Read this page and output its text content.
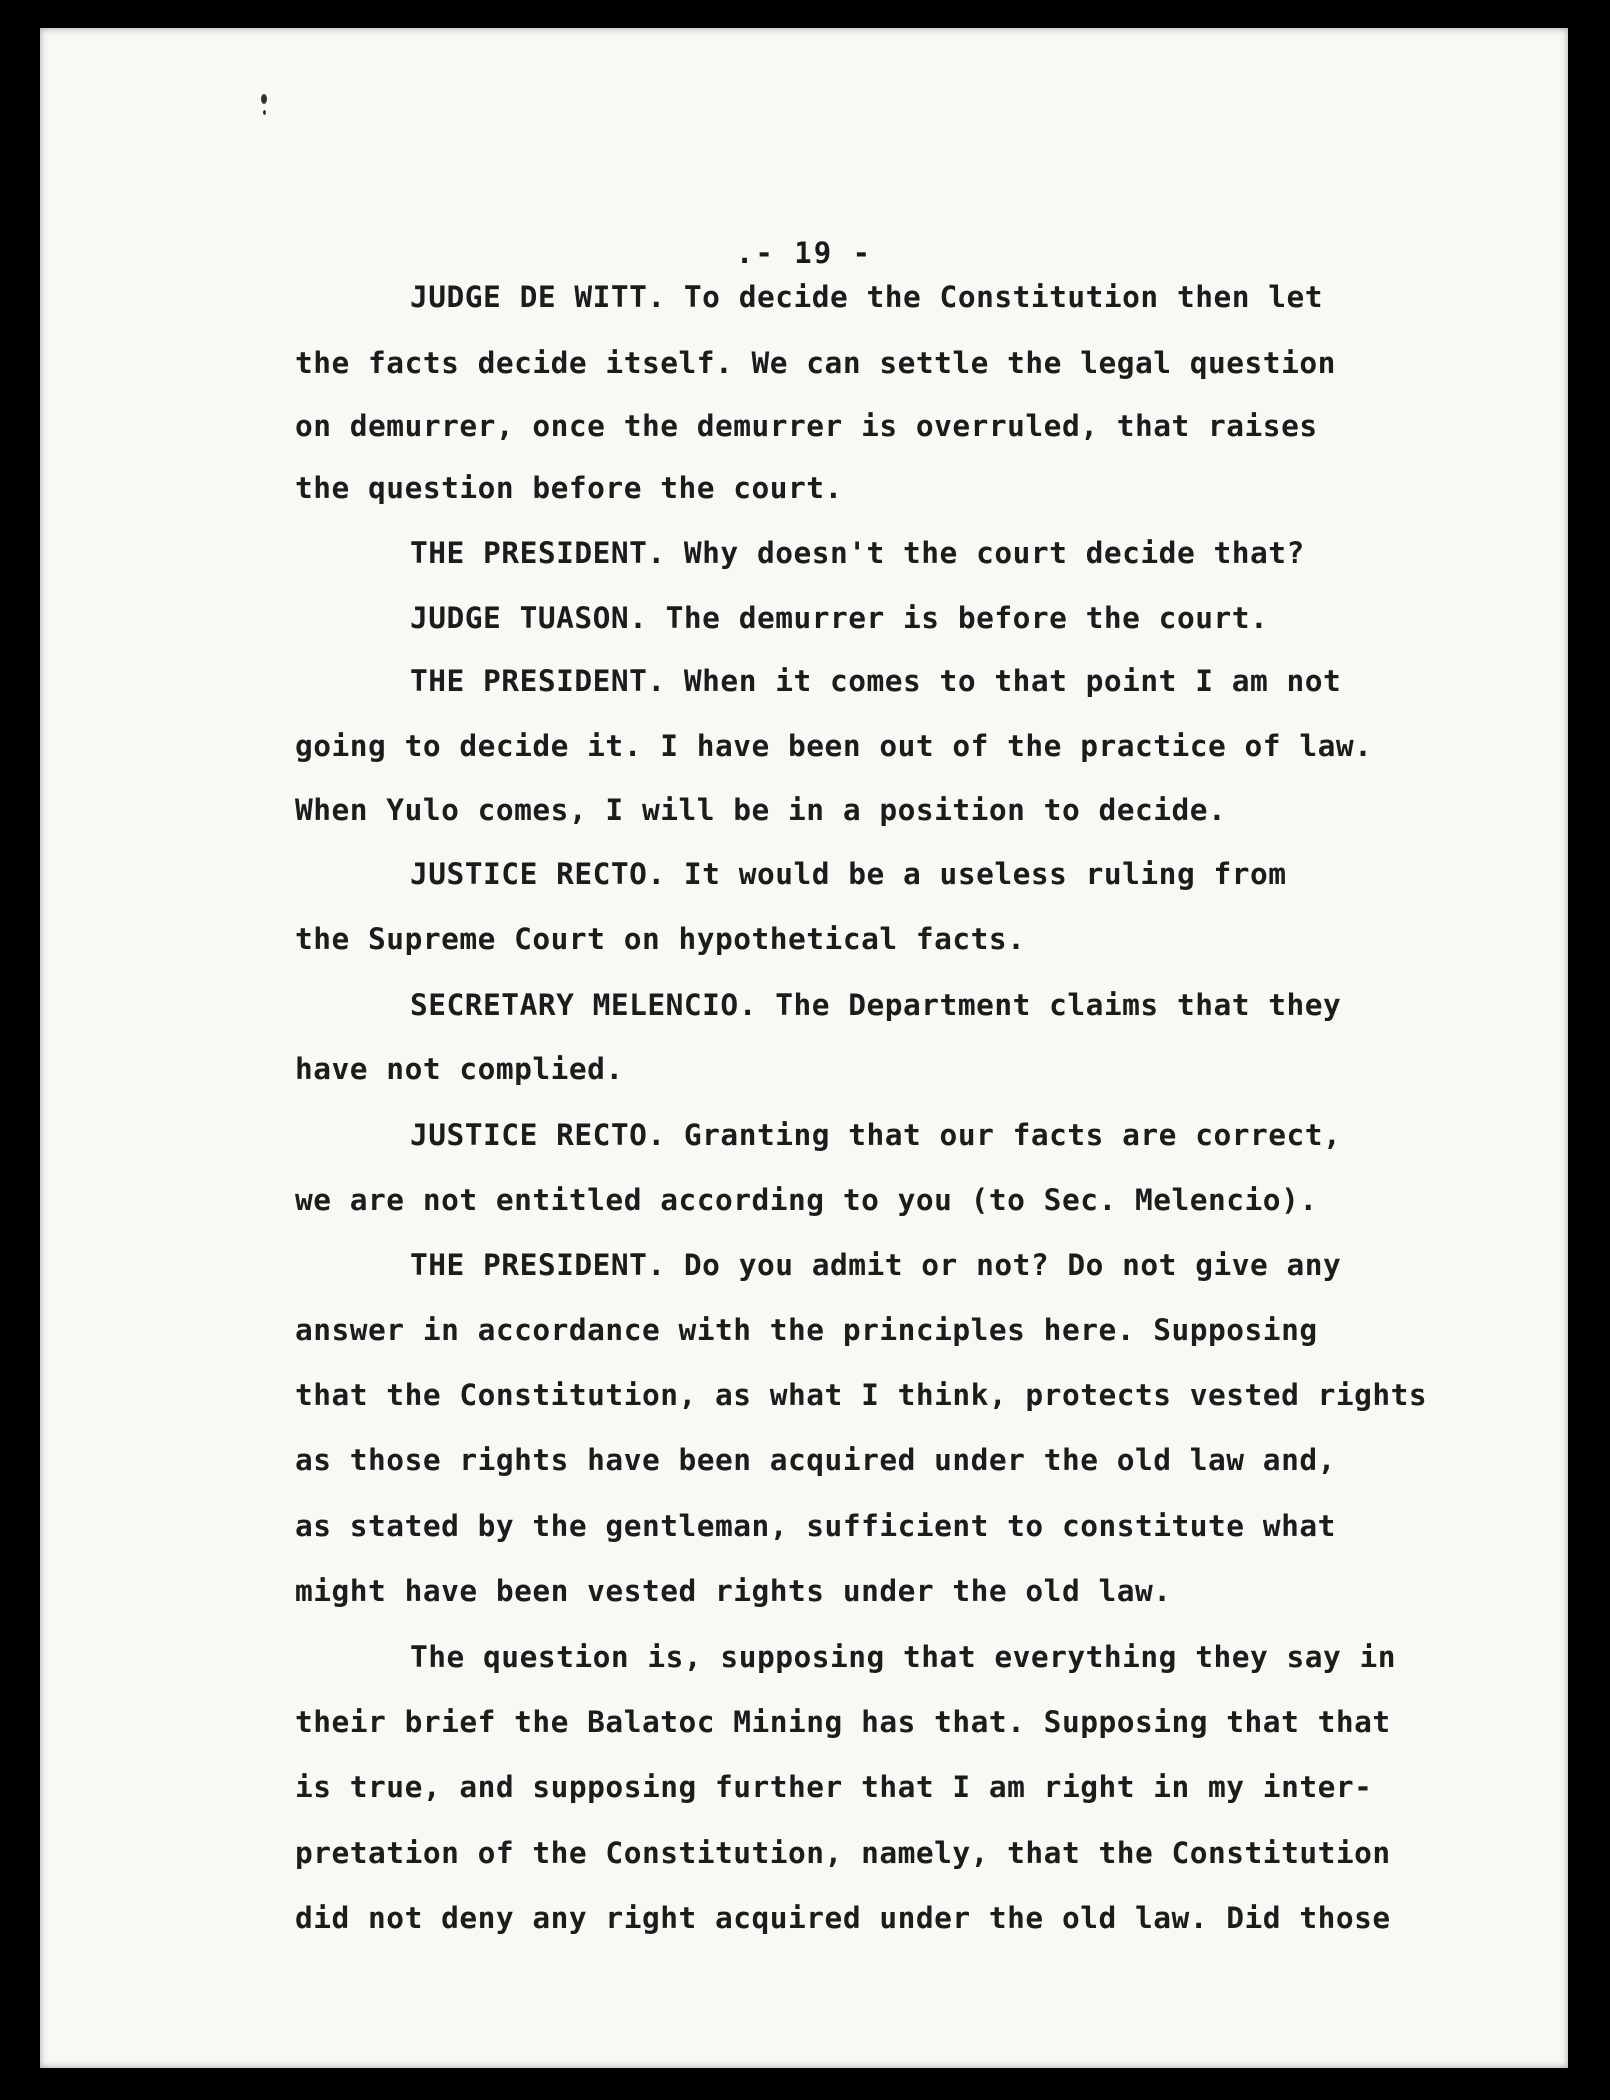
.- 19 -
JUDGE DE WITT. To decide the Constitution then let
the facts decide itself. We can settle the legal question
on demurrer, once the demurrer is overruled, that raises
the question before the court.
THE PRESIDENT. Why doesn't the court decide that?
JUDGE TUASON. The demurrer is before the court.
THE PRESIDENT. When it comes to that point I am not
going to decide it. I have been out of the practice of law.
When Yulo comes, I will be in a position to decide.
JUSTICE RECTO. It would be a useless ruling from
the Supreme Court on hypothetical facts.
SECRETARY MELENCIO. The Department claims that they
have not complied.
JUSTICE RECTO. Granting that our facts are correct,
we are not entitled according to you (to Sec. Melencio).
THE PRESIDENT. Do you admit or not? Do not give any
answer in accordance with the principles here. Supposing
that the Constitution, as what I think, protects vested rights
as those rights have been acquired under the old law and,
as stated by the gentleman, sufficient to constitute what
might have been vested rights under the old law.
The question is, supposing that everything they say in
their brief the Balatoc Mining has that. Supposing that that
is true, and supposing further that I am right in my inter-
pretation of the Constitution, namely, that the Constitution
did not deny any right acquired under the old law. Did those
